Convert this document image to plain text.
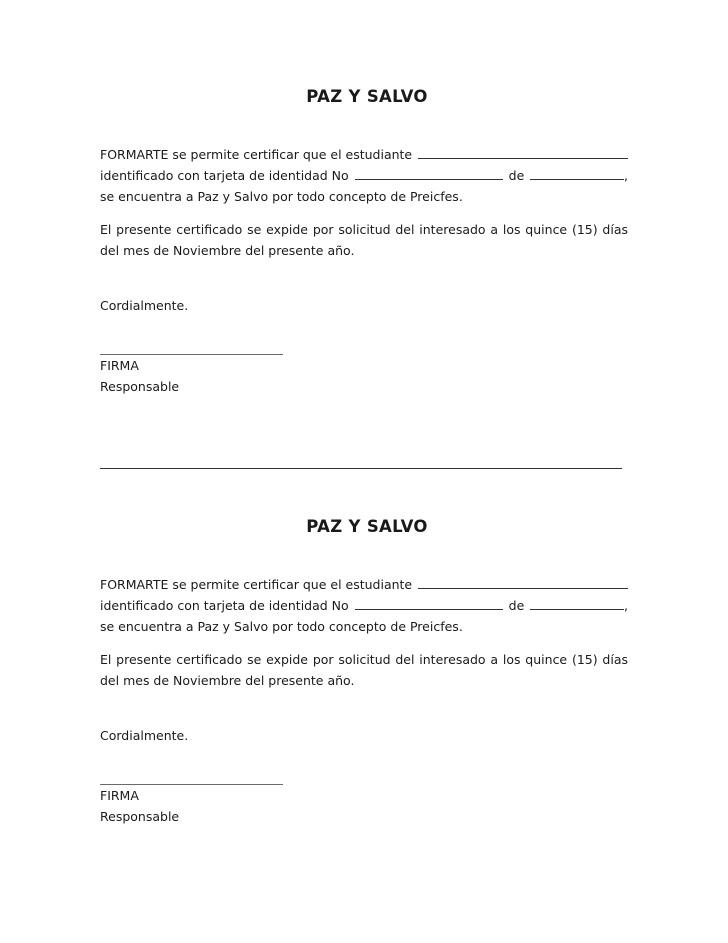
PAZ Y SALVO
FORMARTE se permite certificar que el estudiante
identificado con tarjeta de identidad No	de	,

se encuentra a Paz y Salvo por todo concepto de Preicfes.

El presente certificado se expide por solicitud del interesado a los quince (15) días del mes de Noviembre del presente año.

Cordialmente.

FIRMA

Responsable

PAZ Y SALVO
FORMARTE se permite certificar que el estudiante
identificado con tarjeta de identidad No	de	,

se encuentra a Paz y Salvo por todo concepto de Preicfes.

El presente certificado se expide por solicitud del interesado a los quince (15) días del mes de Noviembre del presente año.

Cordialmente.

FIRMA

Responsable
